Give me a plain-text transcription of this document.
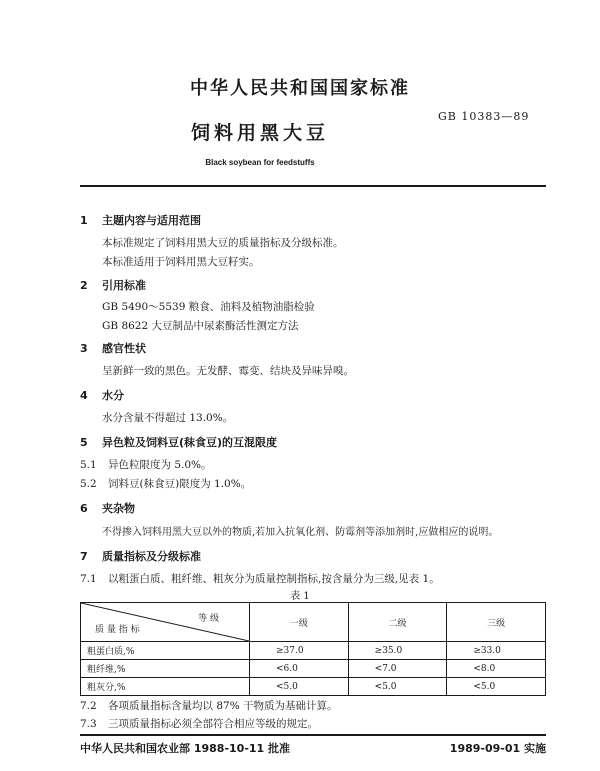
中华人民共和国国家标准
GB 10383—89
饲料用黑大豆
Black soybean for feedstuffs
1 主题内容与适用范围
本标准规定了饲料用黑大豆的质量指标及分级标准。
本标准适用于饲料用黑大豆籽实。
2 引用标准
GB 5490～5539 粮食、油料及植物油脂检验
GB 8622 大豆制品中尿素酶活性测定方法
3 感官性状
呈新鲜一致的黑色。无发酵、霉变、结块及异味异嗅。
4 水分
水分含量不得超过 13.0%。
5 异色粒及饲料豆(秣食豆)的互混限度
5.1 异色粒限度为 5.0%。
5.2 饲料豆(秣食豆)限度为 1.0%。
6 夹杂物
不得掺入饲料用黑大豆以外的物质,若加入抗氧化剂、防霉剂等添加剂时,应做相应的说明。
7 质量指标及分级标准
7.1 以粗蛋白质、粗纤维、粗灰分为质量控制指标,按含量分为三级,见表 1。
表 1
等 级
质 量 指 标	一级	二级	三级
粗蛋白质,%	≥37.0	≥35.0	≥33.0
粗纤维,%	<6.0	<7.0	<8.0
粗灰分,%	<5.0	<5.0	<5.0
7.2 各项质量指标含量均以 87% 干物质为基础计算。
7.3 三项质量指标必须全部符合相应等级的规定。
中华人民共和国农业部 1988-10-11 批准	1989-09-01 实施
